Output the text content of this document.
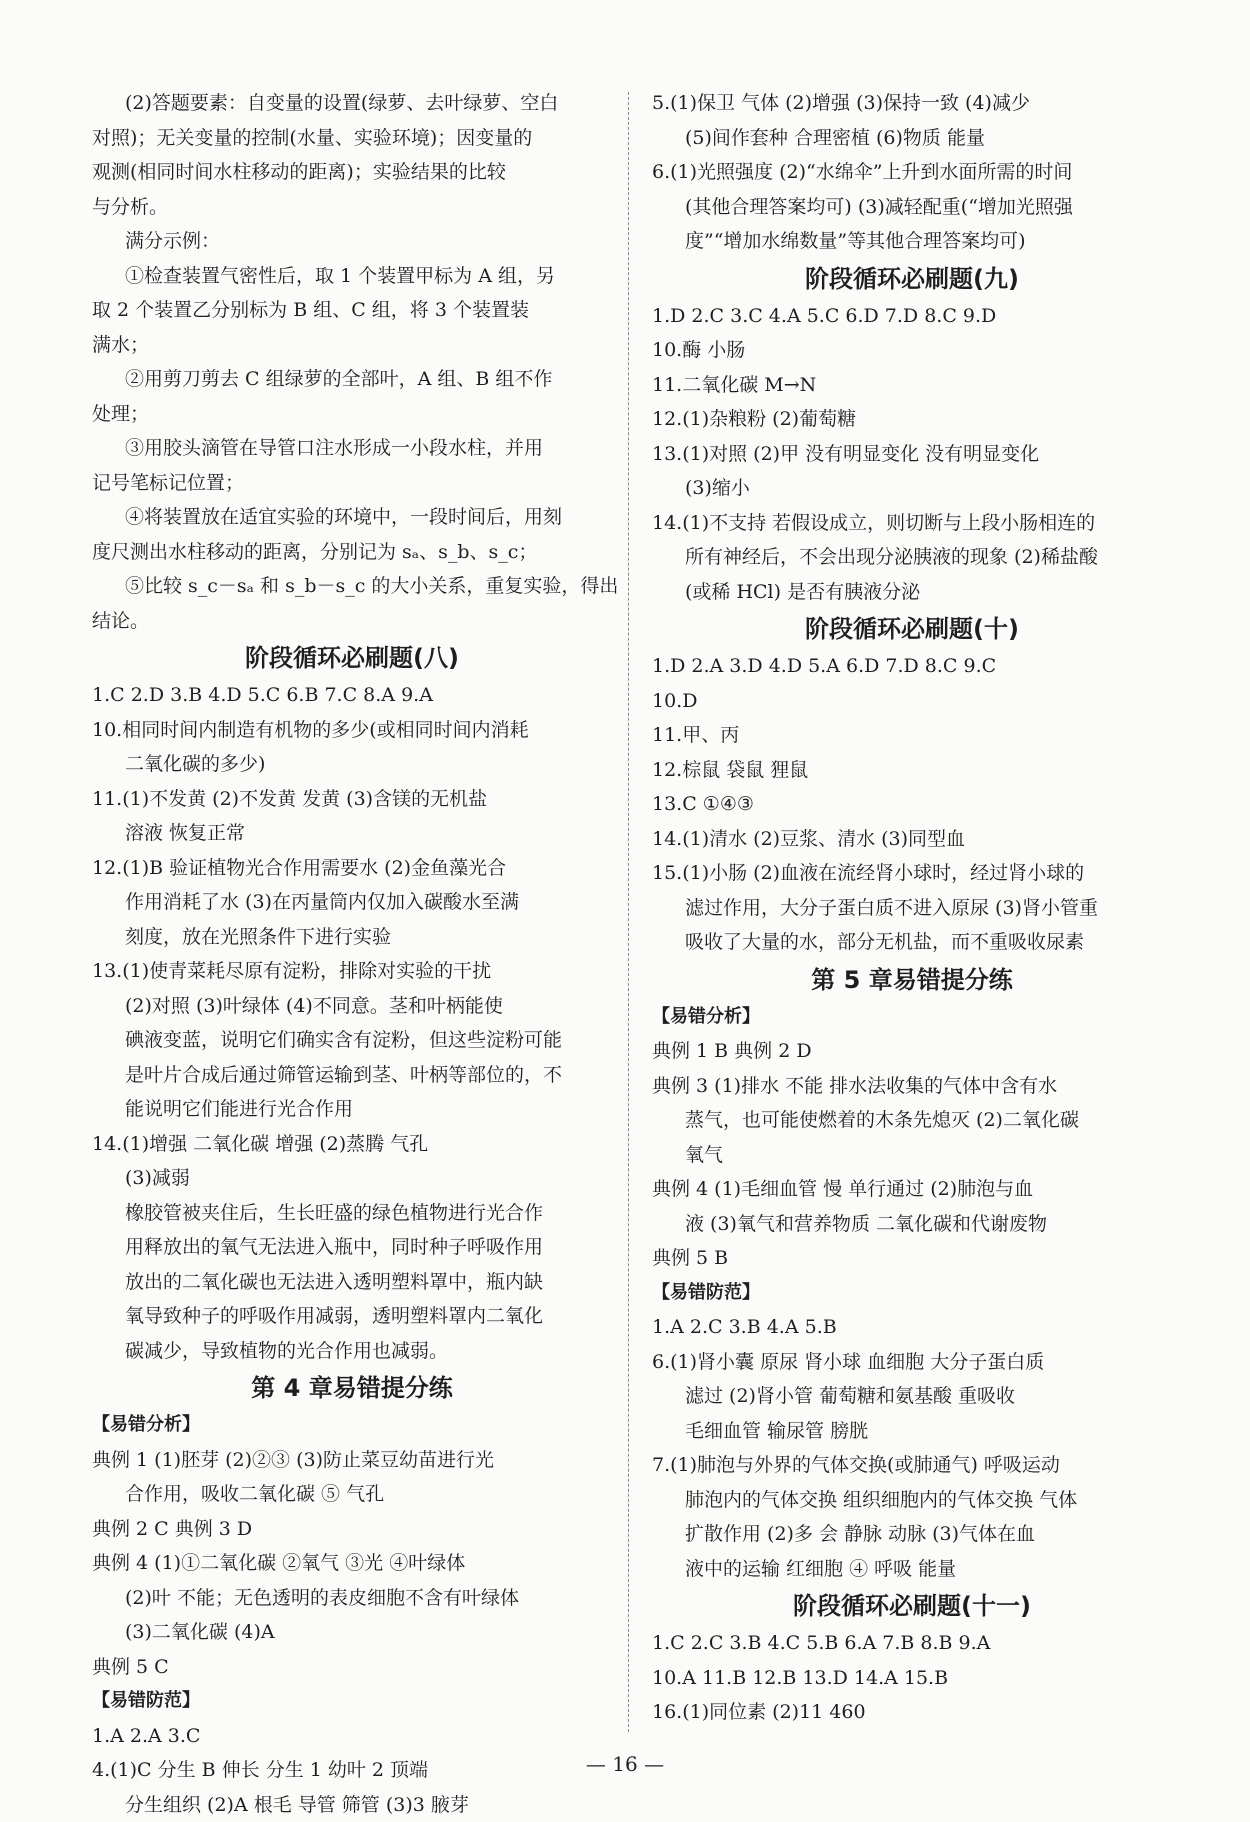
(2)答题要素：自变量的设置(绿萝、去叶绿萝、空白
对照)；无关变量的控制(水量、实验环境)；因变量的
观测(相同时间水柱移动的距离)；实验结果的比较
与分析。
满分示例：
①检查装置气密性后，取 1 个装置甲标为 A 组，另
取 2 个装置乙分别标为 B 组、C 组，将 3 个装置装
满水；
②用剪刀剪去 C 组绿萝的全部叶，A 组、B 组不作
处理；
③用胶头滴管在导管口注水形成一小段水柱，并用
记号笔标记位置；
④将装置放在适宜实验的环境中，一段时间后，用刻
度尺测出水柱移动的距离，分别记为 sₐ、s_b、s_c；
⑤比较 s_c－sₐ 和 s_b－s_c 的大小关系，重复实验，得出
结论。
阶段循环必刷题(八)
1.C 2.D 3.B 4.D 5.C 6.B 7.C 8.A 9.A
10.相同时间内制造有机物的多少(或相同时间内消耗
二氧化碳的多少)
11.(1)不发黄 (2)不发黄 发黄 (3)含镁的无机盐
溶液 恢复正常
12.(1)B 验证植物光合作用需要水 (2)金鱼藻光合
作用消耗了水 (3)在丙量筒内仅加入碳酸水至满
刻度，放在光照条件下进行实验
13.(1)使青菜耗尽原有淀粉，排除对实验的干扰
(2)对照 (3)叶绿体 (4)不同意。茎和叶柄能使
碘液变蓝，说明它们确实含有淀粉，但这些淀粉可能
是叶片合成后通过筛管运输到茎、叶柄等部位的，不
能说明它们能进行光合作用
14.(1)增强 二氧化碳 增强 (2)蒸腾 气孔
(3)减弱
橡胶管被夹住后，生长旺盛的绿色植物进行光合作
用释放出的氧气无法进入瓶中，同时种子呼吸作用
放出的二氧化碳也无法进入透明塑料罩中，瓶内缺
氧导致种子的呼吸作用减弱，透明塑料罩内二氧化
碳减少，导致植物的光合作用也减弱。
第 4 章易错提分练
【易错分析】
典例 1 (1)胚芽 (2)②③ (3)防止菜豆幼苗进行光
合作用，吸收二氧化碳 ⑤ 气孔
典例 2 C 典例 3 D
典例 4 (1)①二氧化碳 ②氧气 ③光 ④叶绿体
(2)叶 不能；无色透明的表皮细胞不含有叶绿体
(3)二氧化碳 (4)A
典例 5 C
【易错防范】
1.A 2.A 3.C
4.(1)C 分生 B 伸长 分生 1 幼叶 2 顶端
分生组织 (2)A 根毛 导管 筛管 (3)3 腋芽
5.(1)保卫 气体 (2)增强 (3)保持一致 (4)减少
(5)间作套种 合理密植 (6)物质 能量
6.(1)光照强度 (2)“水绵伞”上升到水面所需的时间
(其他合理答案均可) (3)减轻配重(“增加光照强
度”“增加水绵数量”等其他合理答案均可)
阶段循环必刷题(九)
1.D 2.C 3.C 4.A 5.C 6.D 7.D 8.C 9.D
10.酶 小肠
11.二氧化碳 M→N
12.(1)杂粮粉 (2)葡萄糖
13.(1)对照 (2)甲 没有明显变化 没有明显变化
(3)缩小
14.(1)不支持 若假设成立，则切断与上段小肠相连的
所有神经后，不会出现分泌胰液的现象 (2)稀盐酸
(或稀 HCl) 是否有胰液分泌
阶段循环必刷题(十)
1.D 2.A 3.D 4.D 5.A 6.D 7.D 8.C 9.C
10.D
11.甲、丙
12.棕鼠 袋鼠 狸鼠
13.C ①④③
14.(1)清水 (2)豆浆、清水 (3)同型血
15.(1)小肠 (2)血液在流经肾小球时，经过肾小球的
滤过作用，大分子蛋白质不进入原尿 (3)肾小管重
吸收了大量的水，部分无机盐，而不重吸收尿素
第 5 章易错提分练
【易错分析】
典例 1 B 典例 2 D
典例 3 (1)排水 不能 排水法收集的气体中含有水
蒸气，也可能使燃着的木条先熄灭 (2)二氧化碳
氧气
典例 4 (1)毛细血管 慢 单行通过 (2)肺泡与血
液 (3)氧气和营养物质 二氧化碳和代谢废物
典例 5 B
【易错防范】
1.A 2.C 3.B 4.A 5.B
6.(1)肾小囊 原尿 肾小球 血细胞 大分子蛋白质
滤过 (2)肾小管 葡萄糖和氨基酸 重吸收
毛细血管 输尿管 膀胱
7.(1)肺泡与外界的气体交换(或肺通气) 呼吸运动
肺泡内的气体交换 组织细胞内的气体交换 气体
扩散作用 (2)多 会 静脉 动脉 (3)气体在血
液中的运输 红细胞 ④ 呼吸 能量
阶段循环必刷题(十一)
1.C 2.C 3.B 4.C 5.B 6.A 7.B 8.B 9.A
10.A 11.B 12.B 13.D 14.A 15.B
16.(1)同位素 (2)11 460
— 16 —
